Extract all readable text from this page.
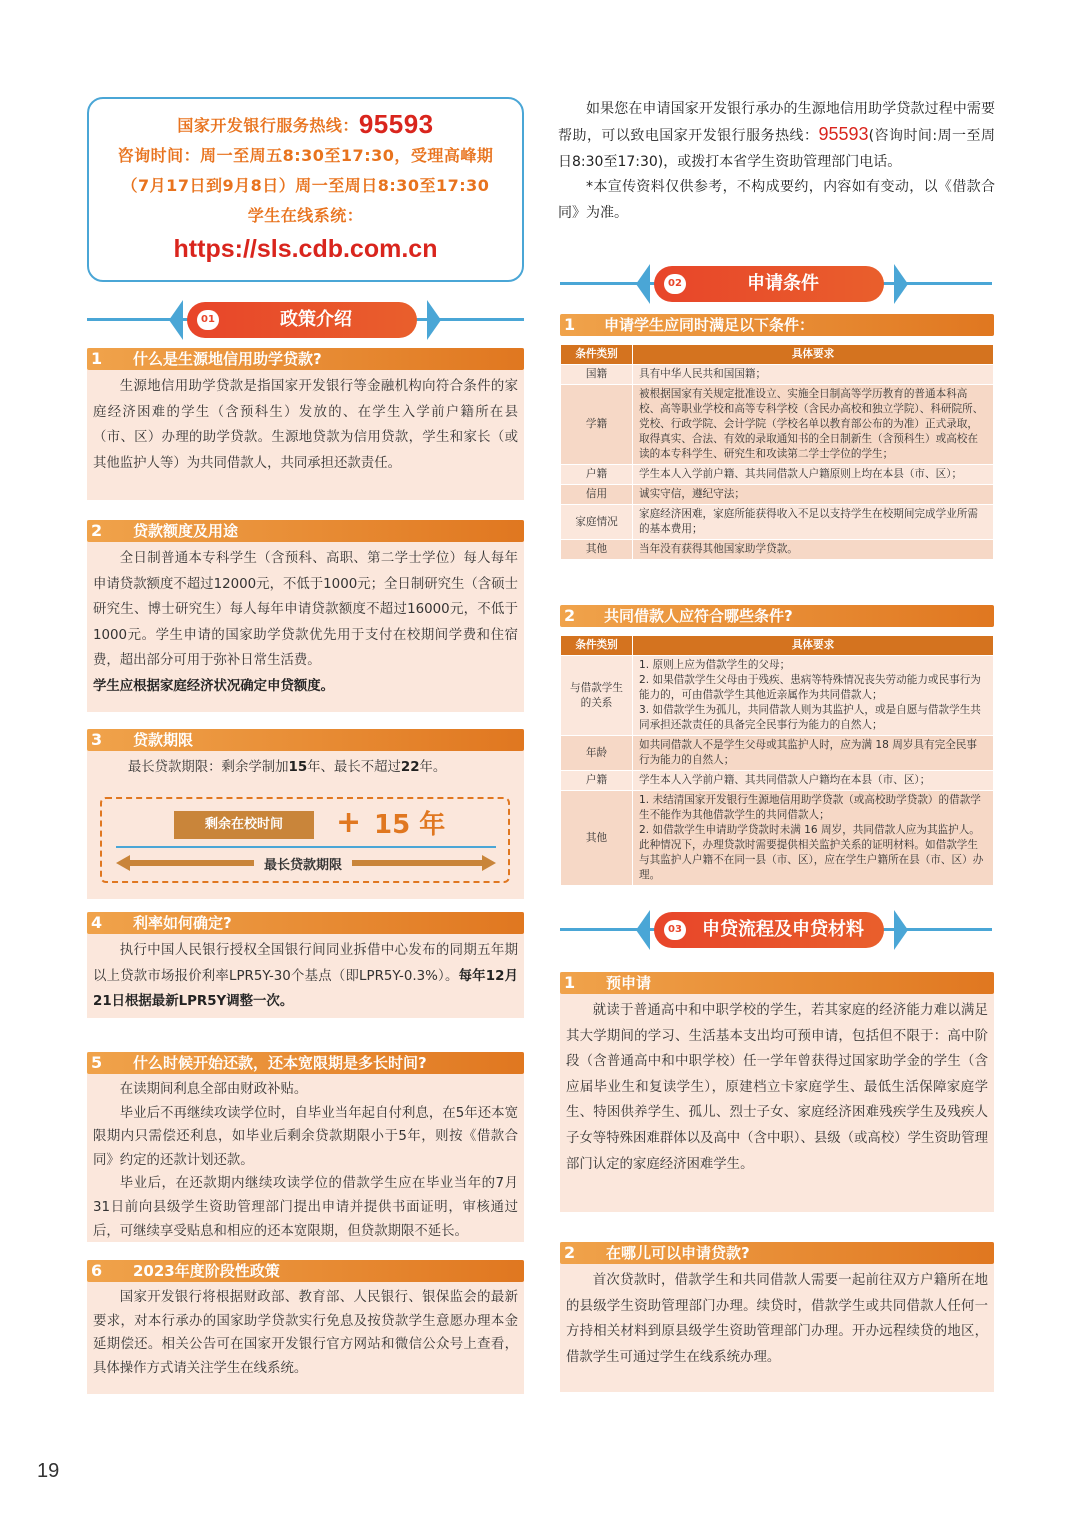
国家开发银行服务热线：95593
咨询时间：周一至周五8:30至17:30，受理高峰期
（7月17日到9月8日）周一至周日8:30至17:30
学生在线系统：
https://sls.cdb.com.cn

如果您在申请国家开发银行承办的生源地信用助学贷款过程中需要帮助，可以致电国家开发银行服务热线：95593(咨询时间:周一至周日8:30至17:30)，或拨打本省学生资助管理部门电话。

*本宣传资料仅供参考，不构成要约，内容如有变动，以《借款合同》为准。

政策介绍
01
申请条件
02
申贷流程及申贷材料
03
1	什么是生源地信用助学贷款?

生源地信用助学贷款是指国家开发银行等金融机构向符合条件的家庭经济困难的学生（含预科生）发放的、在学生入学前户籍所在县（市、区）办理的助学贷款。生源地贷款为信用贷款，学生和家长（或其他监护人等）为共同借款人，共同承担还款责任。

2	贷款额度及用途

全日制普通本专科学生（含预科、高职、第二学士学位）每人每年申请贷款额度不超过12000元，不低于1000元；全日制研究生（含硕士研究生、博士研究生）每人每年申请贷款额度不超过16000元，不低于1000元。学生申请的国家助学贷款优先用于支付在校期间学费和住宿费，超出部分可用于弥补日常生活费。

学生应根据家庭经济状况确定申贷额度。

3	贷款期限

最长贷款期限：剩余学制加15年、最长不超过22年。

剩余在校时间	+ 15 年
最长贷款期限
4	利率如何确定?

执行中国人民银行授权全国银行间同业拆借中心发布的同期五年期以上贷款市场报价利率LPR5Y-30个基点（即LPR5Y-0.3%）。每年12月21日根据最新LPR5Y调整一次。

5	什么时候开始还款，还本宽限期是多长时间?

在读期间利息全部由财政补贴。

毕业后不再继续攻读学位时，自毕业当年起自付利息，在5年还本宽限期内只需偿还利息，如毕业后剩余贷款期限小于5年，则按《借款合同》约定的还款计划还款。

毕业后，在还款期内继续攻读学位的借款学生应在毕业当年的7月31日前向县级学生资助管理部门提出申请并提供书面证明，审核通过后，可继续享受贴息和相应的还本宽限期，但贷款期限不延长。

6	2023年度阶段性政策

国家开发银行将根据财政部、教育部、人民银行、银保监会的最新要求，对本行承办的国家助学贷款实行免息及按贷款学生意愿办理本金延期偿还。相关公告可在国家开发银行官方网站和微信公众号上查看，具体操作方式请关注学生在线系统。

1	申请学生应同时满足以下条件：
条件类别	具体要求
国籍	具有中华人民共和国国籍；
学籍	被根据国家有关规定批准设立、实施全日制高等学历教育的普通本科高校、高等职业学校和高等专科学校（含民办高校和独立学院）、科研院所、党校、行政学院、会计学院（学校名单以教育部公布的为准）正式录取，取得真实、合法、有效的录取通知书的全日制新生（含预科生）或高校在读的本专科学生、研究生和攻读第二学士学位的学生；
户籍	学生本人入学前户籍、其共同借款人户籍原则上均在本县（市、区）；
信用	诚实守信，遵纪守法；
家庭情况	家庭经济困难，家庭所能获得收入不足以支持学生在校期间完成学业所需的基本费用；
其他	当年没有获得其他国家助学贷款。
2	共同借款人应符合哪些条件?
条件类别	具体要求
与借款学生的关系	1. 原则上应为借款学生的父母；
2. 如果借款学生父母由于残疾、患病等特殊情况丧失劳动能力或民事行为能力的，可由借款学生其他近亲属作为共同借款人；
3. 如借款学生为孤儿，共同借款人则为其监护人，或是自愿与借款学生共同承担还款责任的具备完全民事行为能力的自然人；
年龄	如共同借款人不是学生父母或其监护人时，应为满 18 周岁具有完全民事行为能力的自然人；
户籍	学生本人入学前户籍、其共同借款人户籍均在本县（市、区）；
其他	1. 未结清国家开发银行生源地信用助学贷款（或高校助学贷款）的借款学生不能作为其他借款学生的共同借款人；
2. 如借款学生申请助学贷款时未满 16 周岁，共同借款人应为其监护人。此种情况下，办理贷款时需要提供相关监护关系的证明材料。如借款学生与其监护人户籍不在同一县（市、区），应在学生户籍所在县（市、区）办理。
1	预申请

就读于普通高中和中职学校的学生，若其家庭的经济能力难以满足其大学期间的学习、生活基本支出均可预申请，包括但不限于：高中阶段（含普通高中和中职学校）任一学年曾获得过国家助学金的学生（含应届毕业生和复读学生），原建档立卡家庭学生、最低生活保障家庭学生、特困供养学生、孤儿、烈士子女、家庭经济困难残疾学生及残疾人子女等特殊困难群体以及高中（含中职）、县级（或高校）学生资助管理部门认定的家庭经济困难学生。

2	在哪儿可以申请贷款?

首次贷款时，借款学生和共同借款人需要一起前往双方户籍所在地的县级学生资助管理部门办理。续贷时，借款学生或共同借款人任何一方持相关材料到原县级学生资助管理部门办理。开办远程续贷的地区，借款学生可通过学生在线系统办理。

19
